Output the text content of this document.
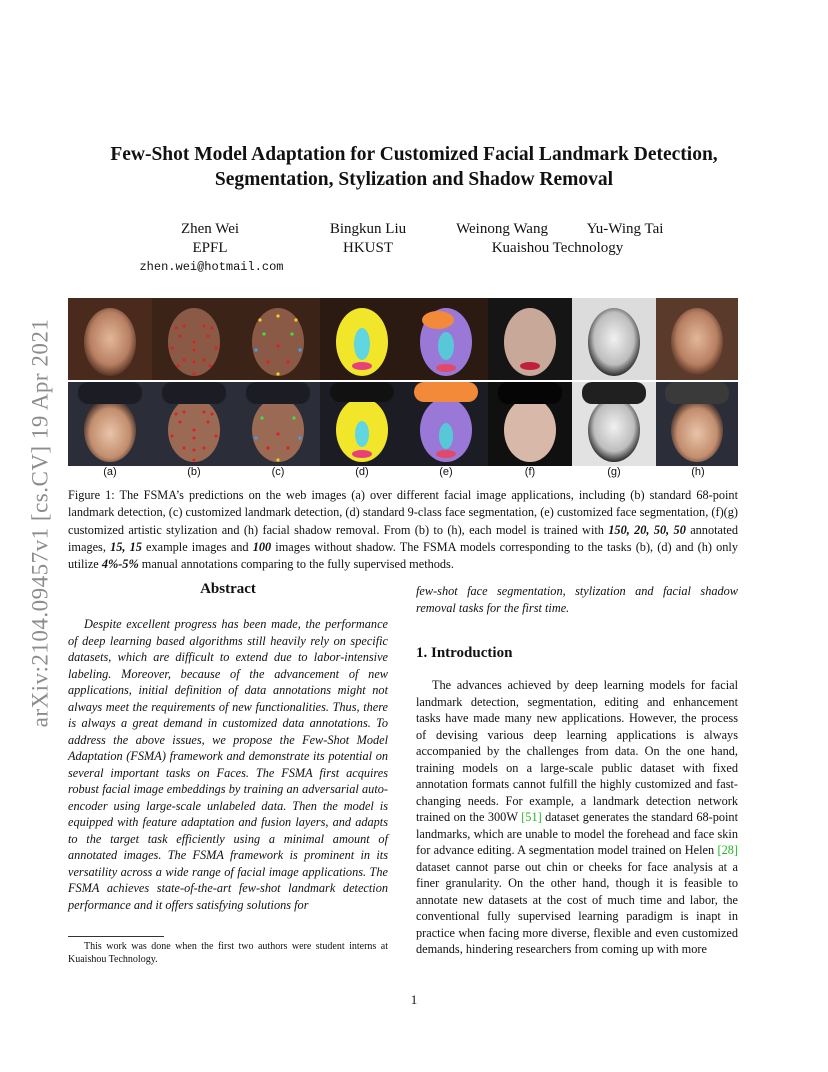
arXiv:2104.09457v1 [cs.CV] 19 Apr 2021
Few-Shot Model Adaptation for Customized Facial Landmark Detection,
Segmentation, Stylization and Shadow Removal
Zhen Wei
EPFL
Bingkun Liu
HKUST
Weinong Wang	Yu-Wing Tai
Kuaishou Technology
zhen.wei@hotmail.com
(a)	(b)	(c)	(d)	(e)	(f)	(g)	(h)
Figure 1: The FSMA’s predictions on the web images (a) over different facial image applications, including (b) standard 68-point landmark detection, (c) customized landmark detection, (d) standard 9-class face segmentation, (e) customized face segmentation, (f)(g) customized artistic stylization and (h) facial shadow removal. From (b) to (h), each model is trained with 150, 20, 50, 50 annotated images, 15, 15 example images and 100 images without shadow. The FSMA models corresponding to the tasks (b), (d) and (h) only utilize 4%-5% manual annotations comparing to the fully supervised methods.
Abstract
Despite excellent progress has been made, the performance of deep learning based algorithms still heavily rely on specific datasets, which are difficult to extend due to labor-intensive labeling. Moreover, because of the advancement of new applications, initial definition of data annotations might not always meet the requirements of new functionalities. Thus, there is always a great demand in customized data annotations. To address the above issues, we propose the Few-Shot Model Adaptation (FSMA) framework and demonstrate its potential on several important tasks on Faces. The FSMA first acquires robust facial image embeddings by training an adversarial auto-encoder using large-scale unlabeled data. Then the model is equipped with feature adaptation and fusion layers, and adapts to the target task efficiently using a minimal amount of annotated images. The FSMA framework is prominent in its versatility across a wide range of facial image applications. The FSMA achieves state-of-the-art few-shot landmark detection performance and it offers satisfying solutions for
few-shot face segmentation, stylization and facial shadow removal tasks for the first time.
1. Introduction
The advances achieved by deep learning models for facial landmark detection, segmentation, editing and enhancement tasks have made many new applications. However, the process of devising various deep learning applications is always accompanied by the challenges from data. On the one hand, training models on a large-scale public dataset with fixed annotation formats cannot fulfill the highly customized and fast-changing needs. For example, a landmark detection network trained on the 300W [51] dataset generates the standard 68-point landmarks, which are unable to model the forehead and face skin for advance editing. A segmentation model trained on Helen [28] dataset cannot parse out chin or cheeks for face analysis at a finer granularity. On the other hand, though it is feasible to annotate new datasets at the cost of much time and labor, the conventional fully supervised learning paradigm is inapt in practice when facing more diverse, flexible and even customized demands, hindering researchers from coming up with more
This work was done when the first two authors were student interns at Kuaishou Technology.
1
